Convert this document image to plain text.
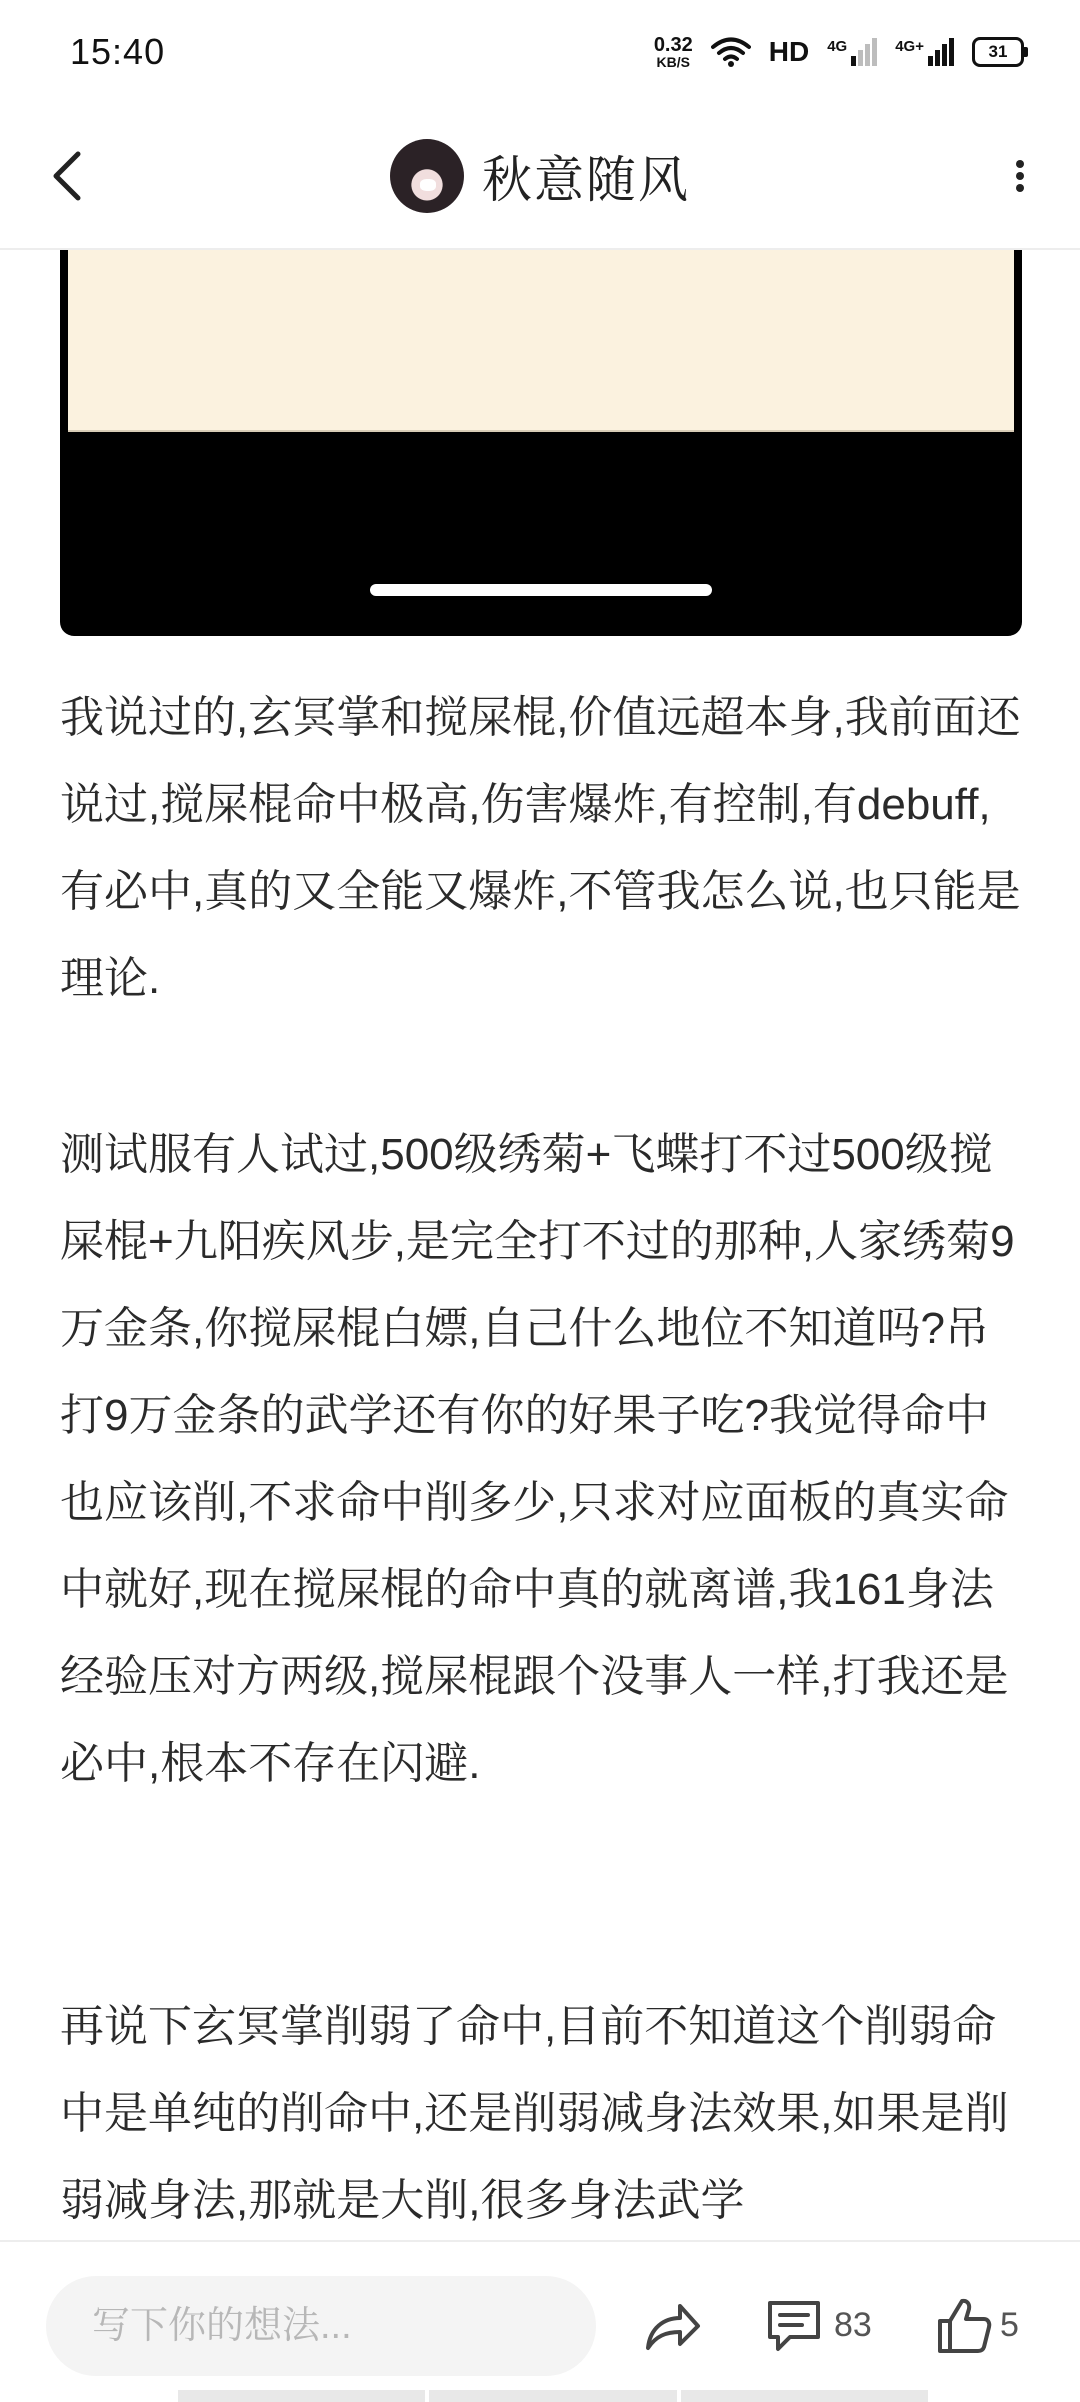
15:40	0.32
KB/S	HD 4G	4G+	31
秋意随风

我说过的,玄冥掌和搅屎棍,价值远超本身,我前面还说过,搅屎棍命中极高,伤害爆炸,有控制,有debuff,有必中,真的又全能又爆炸,不管我怎么说,也只能是理论.

测试服有人试过,500级绣菊+飞蝶打不过500级搅屎棍+九阳疾风步,是完全打不过的那种,人家绣菊9万金条,你搅屎棍白嫖,自己什么地位不知道吗?吊打9万金条的武学还有你的好果子吃?我觉得命中也应该削,不求命中削多少,只求对应面板的真实命中就好,现在搅屎棍的命中真的就离谱,我161身法经验压对方两级,搅屎棍跟个没事人一样,打我还是必中,根本不存在闪避.

再说下玄冥掌削弱了命中,目前不知道这个削弱命中是单纯的削命中,还是削弱减身法效果,如果是削弱减身法,那就是大削,很多身法武学

写下你的想法...
83	5
